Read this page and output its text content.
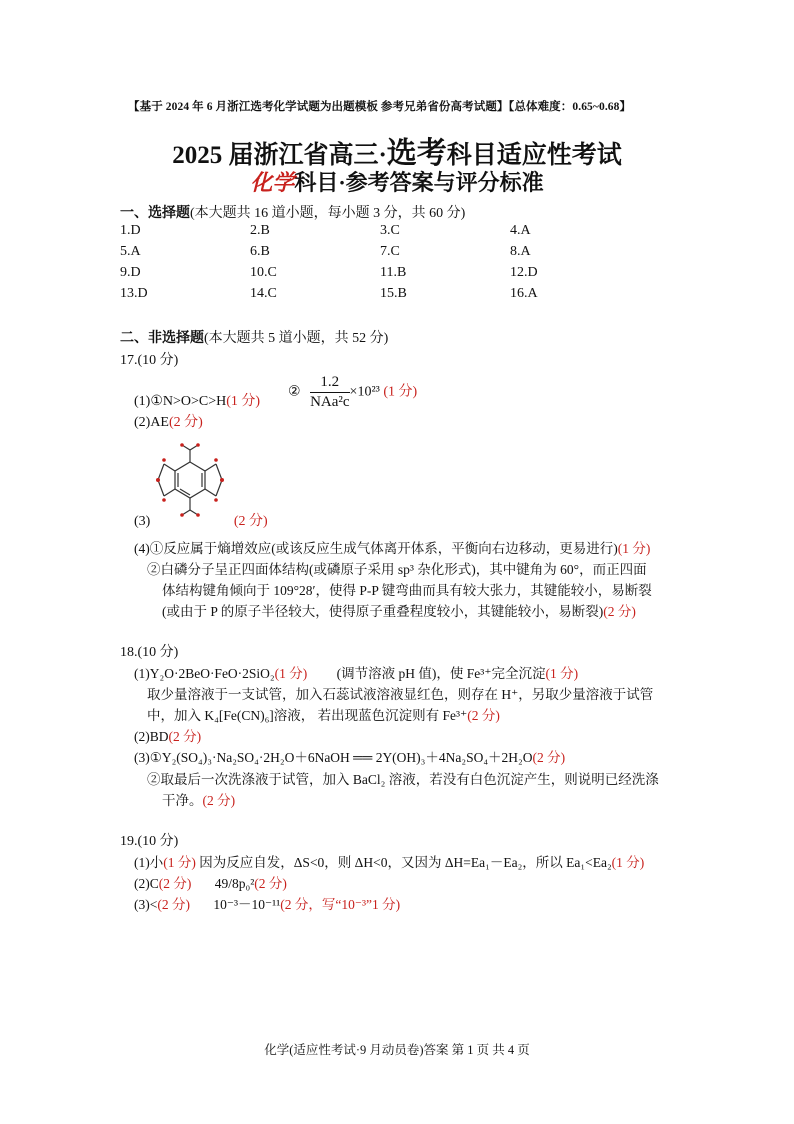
【基于 2024 年 6 月浙江选考化学试题为出题模板 参考兄弟省份高考试题】【总体难度：0.65~0.68】
2025 届浙江省高三·选考科目适应性考试
化学科目·参考答案与评分标准
一、选择题(本大题共 16 道小题，每小题 3 分，共 60 分)
1.D	2.B	3.C	4.A
5.A	6.B	7.C	8.A
9.D	10.C	11.B	12.D
13.D	14.C	15.B	16.A
二、非选择题(本大题共 5 道小题，共 52 分)
17.(10 分)
(1)①N>O>C>H(1 分)
② $\frac{1.2}{\text{NAa²c}} \times 10^{23}$ (1 分)
(2)AE(2 分)
(3)	(2 分)
(4)①反应属于熵增效应(或该反应生成气体离开体系，平衡向右边移动，更易进行)(1 分)
②白磷分子呈正四面体结构(或磷原子采用 sp³ 杂化形式)，其中键角为 60°，而正四面
体结构键角倾向于 109°28′，使得 P-P 键弯曲而具有较大张力，其键能较小，易断裂
(或由于 P 的原子半径较大，使得原子重叠程度较小，其键能较小，易断裂)(2 分)
18.(10 分)
(1)Y₂O·2BeO·FeO·2SiO₂(1 分) (调节溶液 pH 值)，使 Fe³⁺完全沉淀(1 分)
取少量溶液于一支试管，加入石蕊试液溶液显红色，则存在 H⁺，另取少量溶液于试管
中，加入 K₄[Fe(CN)₆]溶液， 若出现蓝色沉淀则有 Fe³⁺(2 分)
(2)BD(2 分)
(3)①Y₂(SO₄)₃·Na₂SO₄·2H₂O＋6NaOH ══ 2Y(OH)₃＋4Na₂SO₄＋2H₂O(2 分)
②取最后一次洗涤液于试管，加入 BaCl₂ 溶液，若没有白色沉淀产生，则说明已经洗涤
干净。(2 分)
19.(10 分)
(1)小(1 分) 因为反应自发，ΔS<0，则 ΔH<0，又因为 ΔH=Ea₁－Ea₂，所以 Ea₁<Ea₂(1 分)
(2)C(2 分) 49/8p₀²(2 分)
(3)<(2 分) 10⁻³－10⁻¹¹(2 分，写“10⁻³”1 分)
化学(适应性考试·9 月动员卷)答案 第 1 页 共 4 页
